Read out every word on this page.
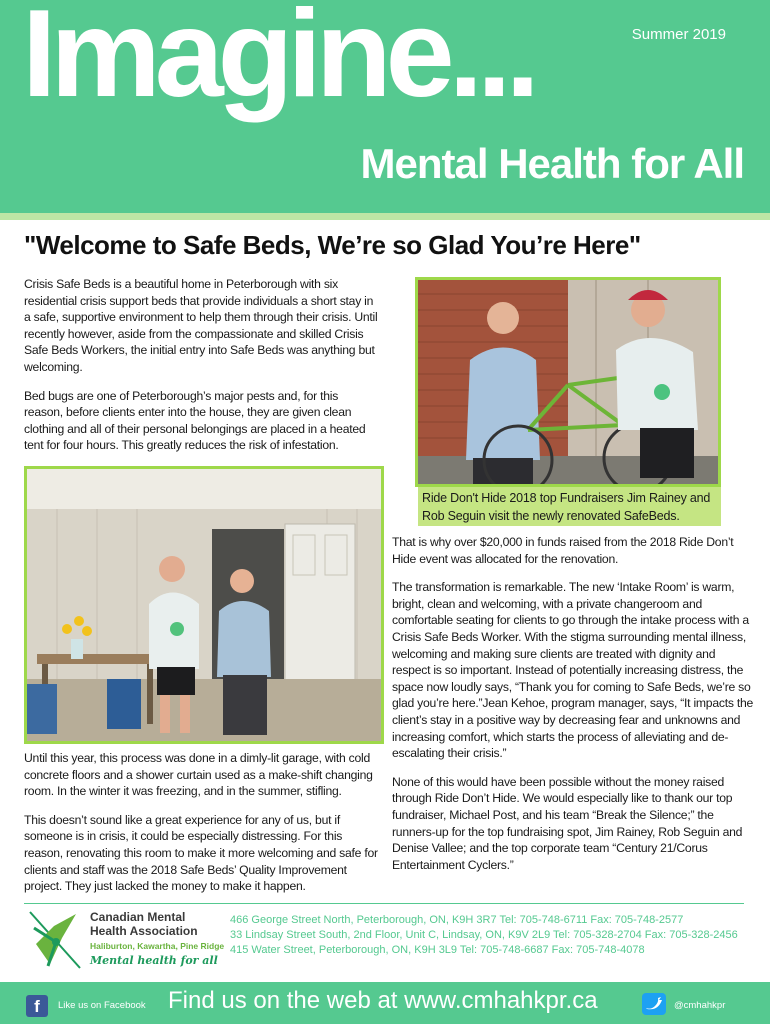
Imagine...	Summer 2019
Mental Health for All
"Welcome to Safe Beds, We’re so Glad You’re Here"

Crisis Safe Beds is a beautiful home in Peterborough with six residential crisis support beds that provide individuals a short stay in a safe, supportive environment to help them through their crisis. Until recently however, aside from the compassionate and skilled Crisis Safe Beds Workers, the initial entry into Safe Beds was anything but welcoming.

Bed bugs are one of Peterborough’s major pests and, for this reason, before clients enter into the house, they are given clean clothing and all of their personal belongings are placed in a heated tent for four hours. This greatly reduces the risk of infestation.

Ride Don't Hide 2018 top Fundraisers Jim Rainey and Rob Seguin visit the newly renovated SafeBeds.

Until this year, this process was done in a dimly-lit garage, with cold concrete floors and a shower curtain used as a make-shift changing room. In the winter it was freezing, and in the summer, stifling.

This doesn’t sound like a great experience for any of us, but if someone is in crisis, it could be especially distressing. For this reason, renovating this room to make it more welcoming and safe for clients and staff was the 2018 Safe Beds’ Quality Improvement project. They just lacked the money to make it happen.

That is why over $20,000 in funds raised from the 2018 Ride Don’t Hide event was allocated for the renovation.

The transformation is remarkable. The new ‘Intake Room’ is warm, bright, clean and welcoming, with a private changeroom and comfortable seating for clients to go through the intake process with a Crisis Safe Beds Worker. With the stigma surrounding mental illness, welcoming and making sure clients are treated with dignity and respect is so important. Instead of potentially increasing distress, the space now loudly says, “Thank you for coming to Safe Beds, we’re so glad you’re here.”Jean Kehoe, program manager, says, “It impacts the client’s stay in a positive way by decreasing fear and unknowns and increasing comfort, which starts the process of alleviating and de-escalating their crisis.”

None of this would have been possible without the money raised through Ride Don’t Hide. We would especially like to thank our top fundraiser, Michael Post, and his team “Break the Silence;” the runners-up for the top fundraising spot, Jim Rainey, Rob Seguin and Denise Vallee; and the top corporate team “Century 21/Corus Entertainment Cyclers.”

Canadian Mental
Health Association
Haliburton, Kawartha, Pine Ridge
Mental health for all
466 George Street North, Peterborough, ON, K9H 3R7 Tel: 705-748-6711 Fax: 705-748-2577
33 Lindsay Street South, 2nd Floor, Unit C, Lindsay, ON, K9V 2L9 Tel: 705-328-2704 Fax: 705-328-2456
415 Water Street, Peterborough, ON, K9H 3L9 Tel: 705-748-6687 Fax: 705-748-4078
f	Like us on Facebook Find us on the web at www.cmhahkpr.ca	@cmhahkpr
